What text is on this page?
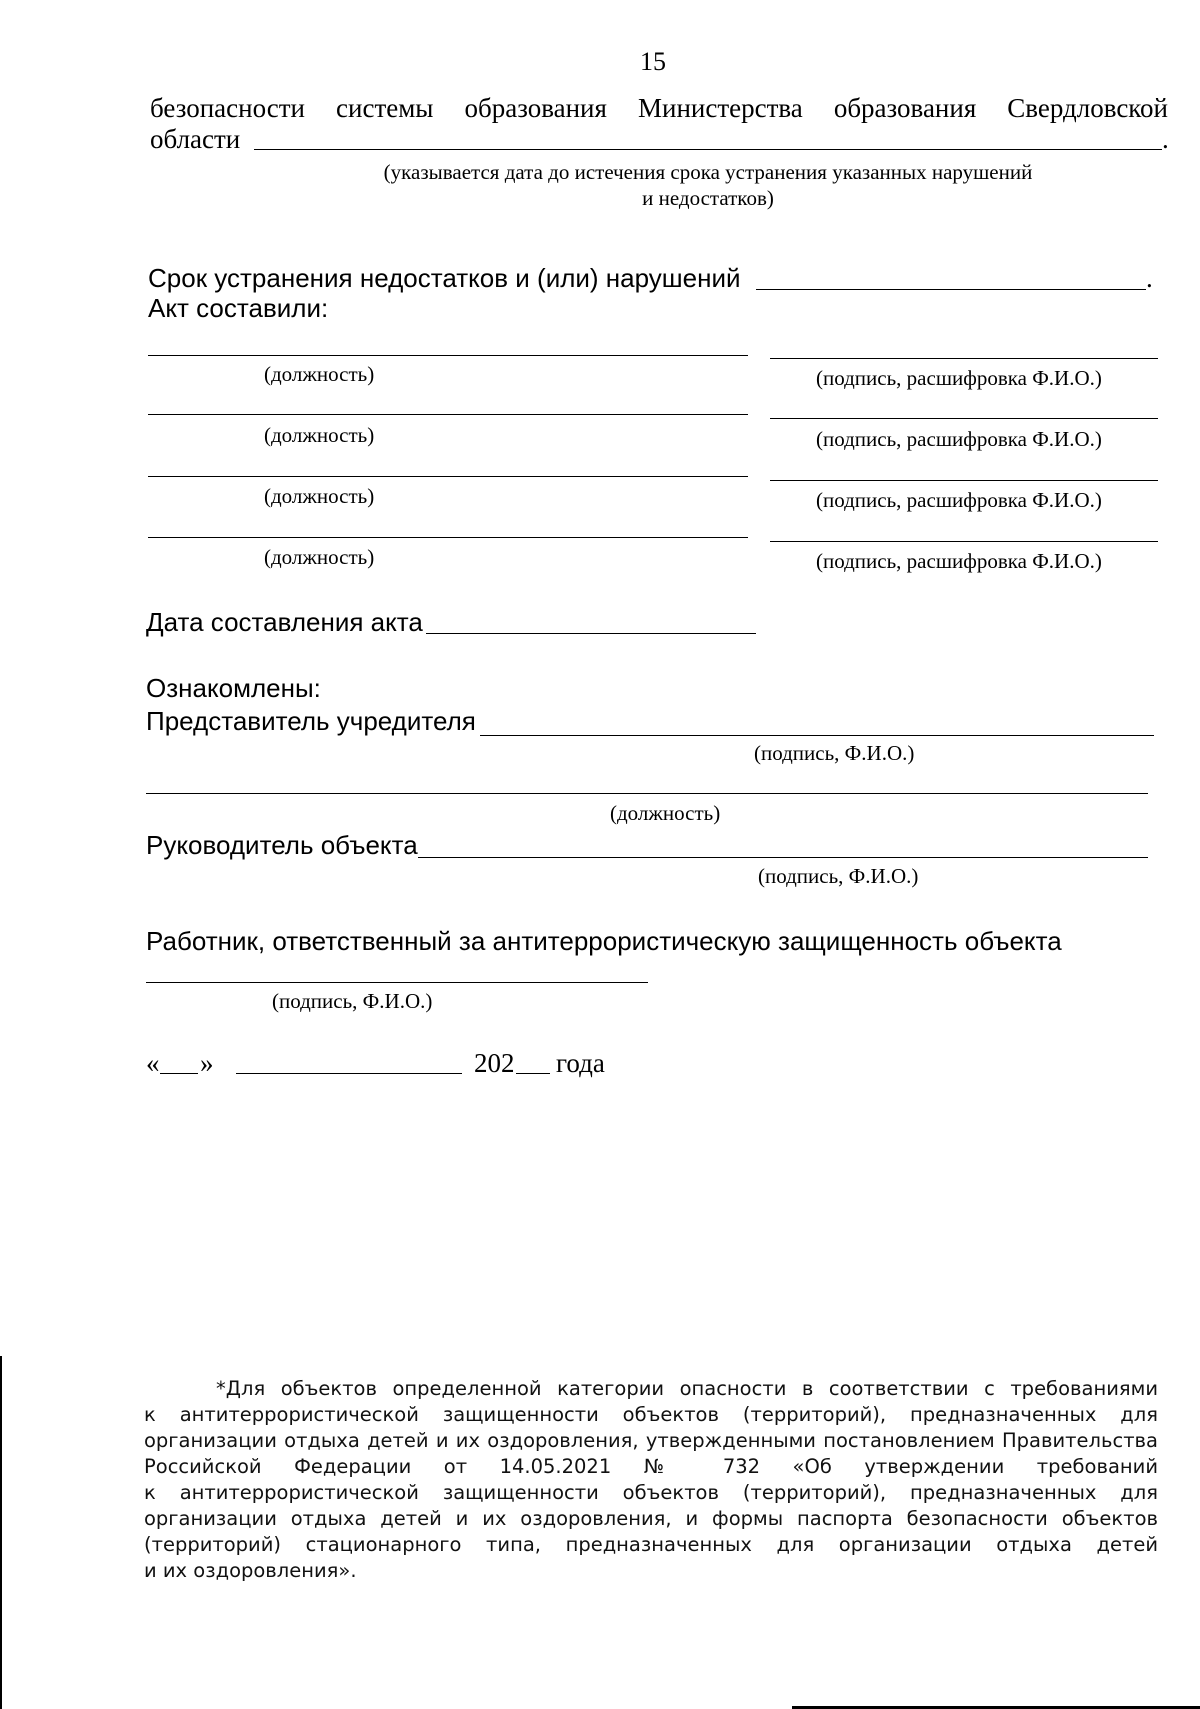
15
безопасности системы образования Министерства образования Свердловской
области	.
(указывается дата до истечения срока устранения указанных нарушений
и недостатков)
Срок устранения недостатков и (или) нарушений	.
Акт составили:
(должность)	(подпись, расшифровка Ф.И.О.)
(должность)	(подпись, расшифровка Ф.И.О.)
(должность)	(подпись, расшифровка Ф.И.О.)
(должность)	(подпись, расшифровка Ф.И.О.)
Дата составления акта
Ознакомлены:
Представитель учредителя
(подпись, Ф.И.О.)
(должность)
Руководитель объекта
(подпись, Ф.И.О.)
Работник, ответственный за антитеррористическую защищенность объекта
(подпись, Ф.И.О.)
« »	202 года
*Для объектов определенной категории опасности в соответствии с требованиями
к антитеррористической защищенности объектов (территорий), предназначенных для
организации отдыха детей и их оздоровления, утвержденными постановлением Правительства
Российской Федерации от 14.05.2021 № 732 «Об утверждении требований
к антитеррористической защищенности объектов (территорий), предназначенных для
организации отдыха детей и их оздоровления, и формы паспорта безопасности объектов
(территорий) стационарного типа, предназначенных для организации отдыха детей
и их оздоровления».
